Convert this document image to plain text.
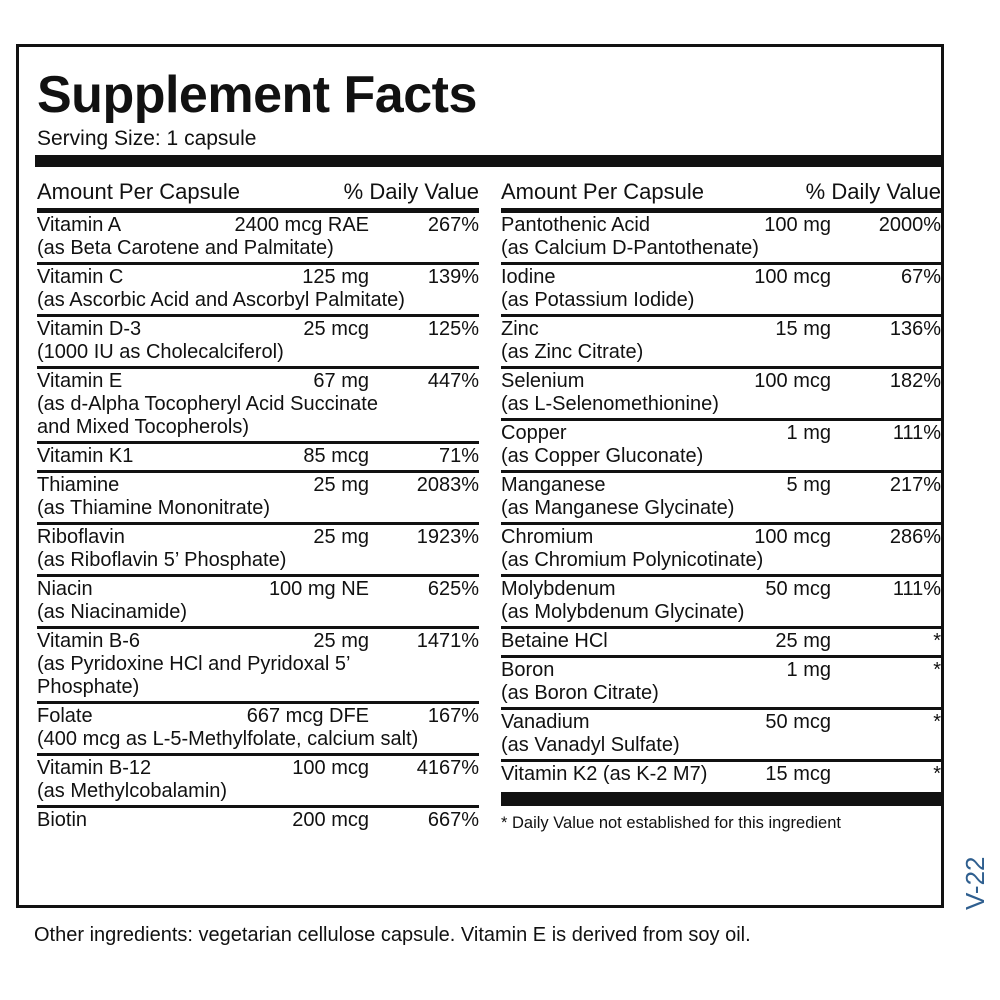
Supplement Facts
Serving Size: 1 capsule
Amount Per Capsule	% Daily Value
Vitamin A	2400 mcg RAE	267%
(as Beta Carotene and Palmitate)
Vitamin C	125 mg	139%
(as Ascorbic Acid and Ascorbyl Palmitate)
Vitamin D-3	25 mcg	125%
(1000 IU as Cholecalciferol)
Vitamin E	67 mg	447%
(as d-Alpha Tocopheryl Acid Succinate
and Mixed Tocopherols)
Vitamin K1	85 mcg	71%
Thiamine	25 mg	2083%
(as Thiamine Mononitrate)
Riboflavin	25 mg	1923%
(as Riboflavin 5’ Phosphate)
Niacin	100 mg NE	625%
(as Niacinamide)
Vitamin B-6	25 mg	1471%
(as Pyridoxine HCl and Pyridoxal 5’
Phosphate)
Folate	667 mcg DFE	167%
(400 mcg as L-5-Methylfolate, calcium salt)
Vitamin B-12	100 mcg	4167%
(as Methylcobalamin)
Biotin	200 mcg	667%
Amount Per Capsule	% Daily Value
Pantothenic Acid	100 mg	2000%
(as Calcium D-Pantothenate)
Iodine	100 mcg	67%
(as Potassium Iodide)
Zinc	15 mg	136%
(as Zinc Citrate)
Selenium	100 mcg	182%
(as L-Selenomethionine)
Copper	1 mg	111%
(as Copper Gluconate)
Manganese	5 mg	217%
(as Manganese Glycinate)
Chromium	100 mcg	286%
(as Chromium Polynicotinate)
Molybdenum	50 mcg	111%
(as Molybdenum Glycinate)
Betaine HCl	25 mg	*
Boron	1 mg	*
(as Boron Citrate)
Vanadium	50 mcg	*
(as Vanadyl Sulfate)
Vitamin K2 (as K-2 M7)	15 mcg	*
* Daily Value not established for this ingredient
V-22
Other ingredients: vegetarian cellulose capsule. Vitamin E is derived from soy oil.
